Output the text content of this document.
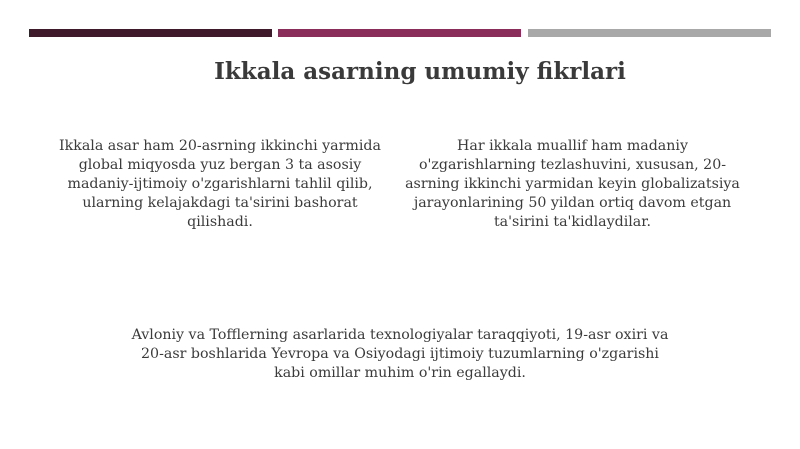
Ikkala asarning umumiy fikrlari

Ikkala asar ham 20-asrning ikkinchi yarmida global miqyosda yuz bergan 3 ta asosiy madaniy-ijtimoiy o'zgarishlarni tahlil qilib, ularning kelajakdagi ta'sirini bashorat qilishadi.

Har ikkala muallif ham madaniy o'zgarishlarning tezlashuvini, xususan, 20-asrning ikkinchi yarmidan keyin globalizatsiya jarayonlarining 50 yildan ortiq davom etgan ta'sirini ta'kidlaydilar.

Avloniy va Tofflerning asarlarida texnologiyalar taraqqiyoti, 19-asr oxiri va 20-asr boshlarida Yevropa va Osiyodagi ijtimoiy tuzumlarning o'zgarishi kabi omillar muhim o'rin egallaydi.
